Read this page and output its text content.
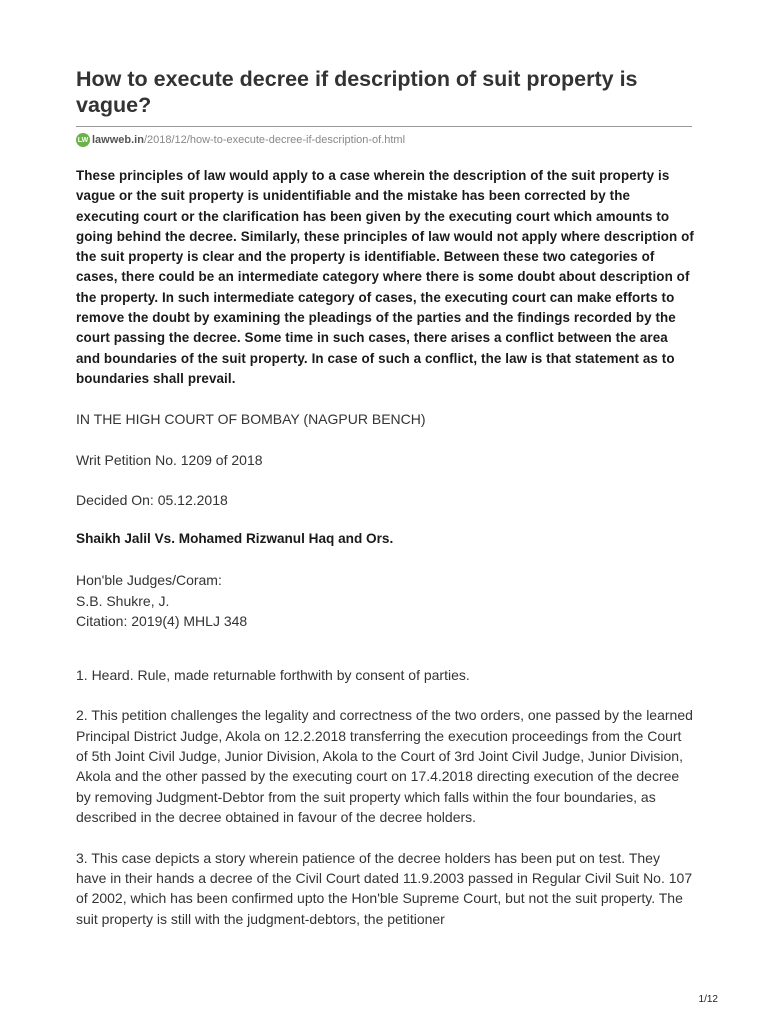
How to execute decree if description of suit property is vague?
LW lawweb.in /2018/12/how-to-execute-decree-if-description-of.html
These principles of law would apply to a case wherein the description of the suit property is vague or the suit property is unidentifiable and the mistake has been corrected by the executing court or the clarification has been given by the executing court which amounts to going behind the decree. Similarly, these principles of law would not apply where description of the suit property is clear and the property is identifiable. Between these two categories of cases, there could be an intermediate category where there is some doubt about description of the property. In such intermediate category of cases, the executing court can make efforts to remove the doubt by examining the pleadings of the parties and the findings recorded by the court passing the decree. Some time in such cases, there arises a conflict between the area and boundaries of the suit property. In case of such a conflict, the law is that statement as to boundaries shall prevail.

IN THE HIGH COURT OF BOMBAY (NAGPUR BENCH)

Writ Petition No. 1209 of 2018

Decided On: 05.12.2018

Shaikh Jalil Vs. Mohamed Rizwanul Haq and Ors.

Hon'ble Judges/Coram:

S.B. Shukre, J.

Citation: 2019(4) MHLJ 348

1. Heard. Rule, made returnable forthwith by consent of parties.

2. This petition challenges the legality and correctness of the two orders, one passed by the learned Principal District Judge, Akola on 12.2.2018 transferring the execution proceedings from the Court of 5th Joint Civil Judge, Junior Division, Akola to the Court of 3rd Joint Civil Judge, Junior Division, Akola and the other passed by the executing court on 17.4.2018 directing execution of the decree by removing Judgment-Debtor from the suit property which falls within the four boundaries, as described in the decree obtained in favour of the decree holders.

3. This case depicts a story wherein patience of the decree holders has been put on test. They have in their hands a decree of the Civil Court dated 11.9.2003 passed in Regular Civil Suit No. 107 of 2002, which has been confirmed upto the Hon'ble Supreme Court, but not the suit property. The suit property is still with the judgment-debtors, the petitioner

1/12
